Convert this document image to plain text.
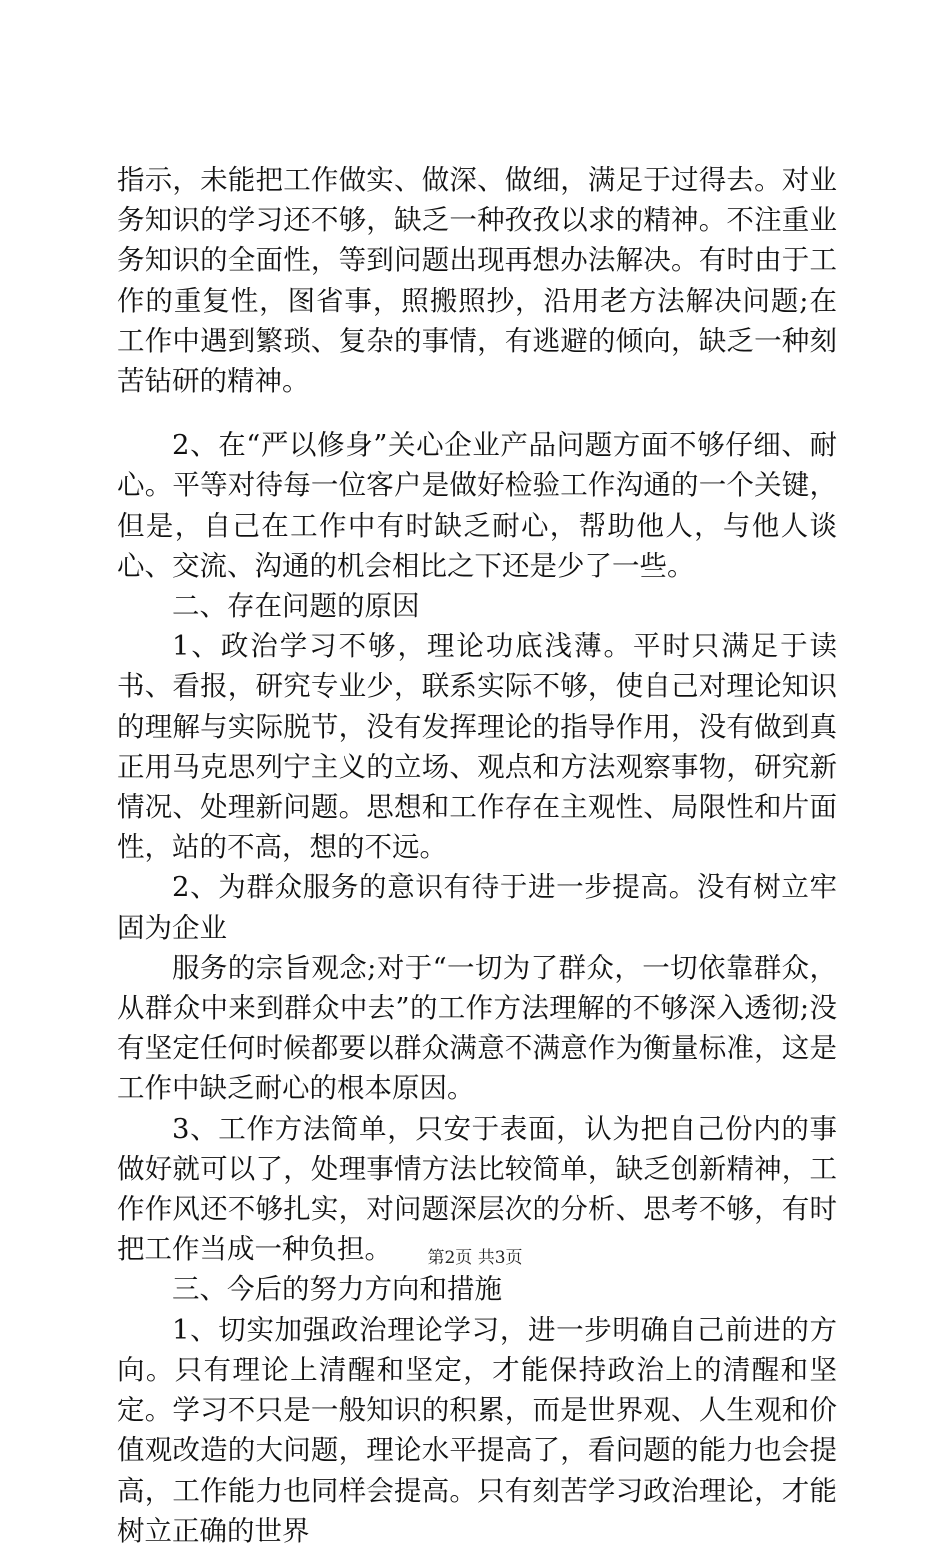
指示，未能把工作做实、做深、做细，满足于过得去。对业务知识的学习还不够，缺乏一种孜孜以求的精神。不注重业务知识的全面性，等到问题出现再想办法解决。有时由于工作的重复性，图省事，照搬照抄，沿用老方法解决问题;在工作中遇到繁琐、复杂的事情，有逃避的倾向，缺乏一种刻苦钻研的精神。

2、在“严以修身”关心企业产品问题方面不够仔细、耐心。平等对待每一位客户是做好检验工作沟通的一个关键，但是，自己在工作中有时缺乏耐心，帮助他人，与他人谈心、交流、沟通的机会相比之下还是少了一些。

二、存在问题的原因

1、政治学习不够，理论功底浅薄。平时只满足于读书、看报，研究专业少，联系实际不够，使自己对理论知识的理解与实际脱节，没有发挥理论的指导作用，没有做到真正用马克思列宁主义的立场、观点和方法观察事物，研究新情况、处理新问题。思想和工作存在主观性、局限性和片面性，站的不高，想的不远。

2、为群众服务的意识有待于进一步提高。没有树立牢固为企业

服务的宗旨观念;对于“一切为了群众，一切依靠群众，从群众中来到群众中去”的工作方法理解的不够深入透彻;没有坚定任何时候都要以群众满意不满意作为衡量标准，这是工作中缺乏耐心的根本原因。

3、工作方法简单，只安于表面，认为把自己份内的事做好就可以了，处理事情方法比较简单，缺乏创新精神，工作作风还不够扎实，对问题深层次的分析、思考不够，有时把工作当成一种负担。

三、今后的努力方向和措施

1、切实加强政治理论学习，进一步明确自己前进的方向。只有理论上清醒和坚定，才能保持政治上的清醒和坚定。学习不只是一般知识的积累，而是世界观、人生观和价值观改造的大问题，理论水平提高了，看问题的能力也会提高，工作能力也同样会提高。只有刻苦学习政治理论，才能树立正确的世界

第2页 共3页
